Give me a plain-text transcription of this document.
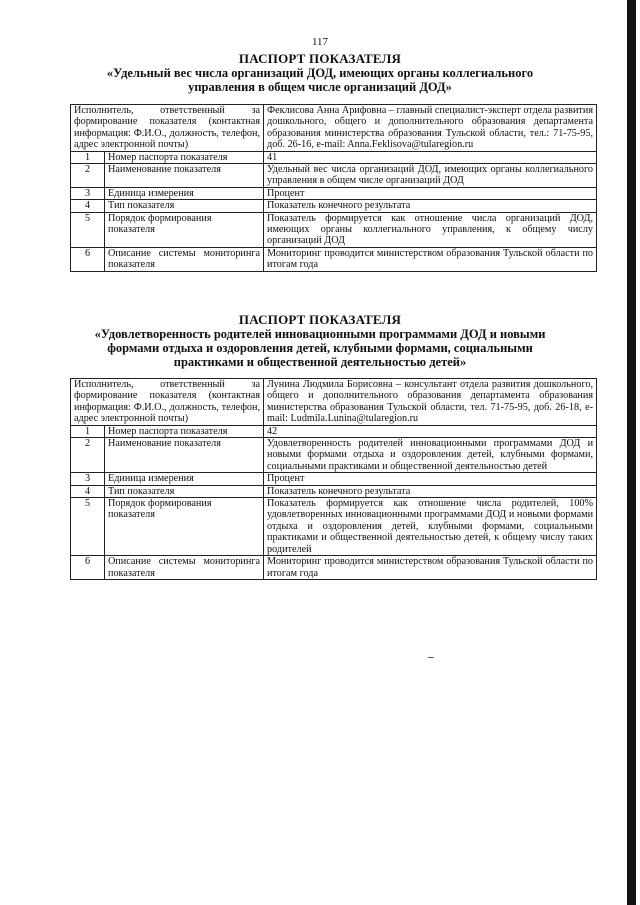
117
ПАСПОРТ ПОКАЗАТЕЛЯ
«Удельный вес числа организаций ДОД, имеющих органы коллегиального управления в общем числе организаций ДОД»
Исполнитель, ответственный за формирование показателя (контактная информация: Ф.И.О., должность, телефон, адрес электронной почты)		Феклисова Анна Арифовна – главный специалист-эксперт отдела развития дошкольного, общего и дополнительного образования департамента образования министерства образования Тульской области, тел.: 71-75-95, доб. 26-16, e-mail: Anna.Feklisova@tularegion.ru
1	Номер паспорта показателя	41
2	Наименование показателя	Удельный вес числа организаций ДОД, имеющих органы коллегиального управления в общем числе организаций ДОД
3	Единица измерения	Процент
4	Тип показателя	Показатель конечного результата
5	Порядок формирования показателя	Показатель формируется как отношение числа организаций ДОД, имеющих органы коллегиального управления, к общему числу организаций ДОД
6	Описание системы мониторинга показателя	Мониторинг проводится министерством образования Тульской области по итогам года
ПАСПОРТ ПОКАЗАТЕЛЯ
«Удовлетворенность родителей инновационными программами ДОД и новыми формами отдыха и оздоровления детей, клубными формами, социальными практиками и общественной деятельностью детей»
Исполнитель, ответственный за формирование показателя (контактная информация: Ф.И.О., должность, телефон, адрес электронной почты)		Лунина Людмила Борисовна – консультант отдела развития дошкольного, общего и дополнительного образования департамента образования министерства образования Тульской области, тел. 71-75-95, доб. 26-18, e-mail: Ludmila.Lunina@tularegion.ru
1	Номер паспорта показателя	42
2	Наименование показателя	Удовлетворенность родителей инновационными программами ДОД и новыми формами отдыха и оздоровления детей, клубными формами, социальными практиками и общественной деятельностью детей
3	Единица измерения	Процент
4	Тип показателя	Показатель конечного результата
5	Порядок формирования показателя	Показатель формируется как отношение числа родителей, 100% удовлетворенных инновационными программами ДОД и новыми формами отдыха и оздоровления детей, клубными формами, социальными практиками и общественной деятельностью детей, к общему числу таких родителей
6	Описание системы мониторинга показателя	Мониторинг проводится министерством образования Тульской области по итогам года
